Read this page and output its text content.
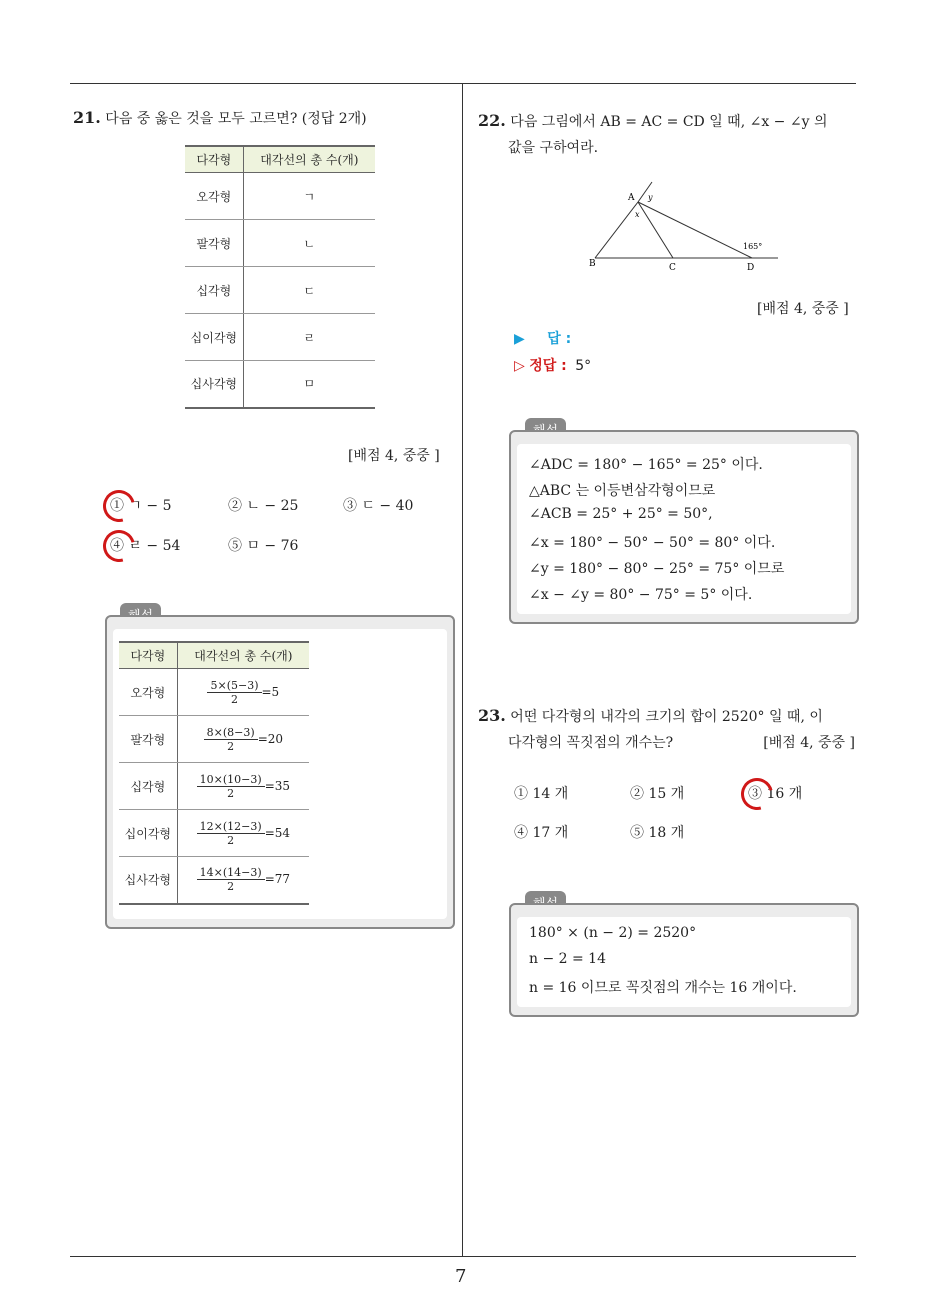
7
21. 다음 중 옳은 것을 모두 고르면? (정답 2개)
다각형	대각선의 총 수(개)
오각형	ㄱ
팔각형	ㄴ
십각형	ㄷ
십이각형	ㄹ
십사각형	ㅁ
[배점 4, 중중 ]
① ㄱ − 5	② ㄴ − 25	③ ㄷ − 40
④ ㄹ − 54	⑤ ㅁ − 76
다각형	대각선의 총 수(개)
오각형	$\frac{5\times(5-3)}{2} =5$
팔각형	$\frac{8\times(8-3)}{2} =20$
십각형	$\frac{10\times(10-3)}{2} =35$
십이각형	$\frac{12\times(12-3)}{2} =54$
십사각형	$\frac{14\times(14-3)}{2} =77$
22. 다음 그림에서 AB = AC = CD 일 때, ∠x − ∠y 의
값을 구하여라.
A
B	C	D
x
y
165°
[배점 4, 중중 ]
▶ 답 :
▷ 정답 : 5°
∠ADC = 180° − 165° = 25° 이다.
△ABC 는 이등변삼각형이므로
∠ACB = 25° + 25° = 50°,
∠x = 180° − 50° − 50° = 80° 이다.
∠y = 180° − 80° − 25° = 75° 이므로
∠x − ∠y = 80° − 75° = 5° 이다.
23. 어떤 다각형의 내각의 크기의 합이 2520° 일 때, 이
다각형의 꼭짓점의 개수는?	[배점 4, 중중 ]
① 14 개	② 15 개	③ 16 개
④ 17 개	⑤ 18 개
180° × (n − 2) = 2520°
n − 2 = 14
n = 16 이므로 꼭짓점의 개수는 16 개이다.
